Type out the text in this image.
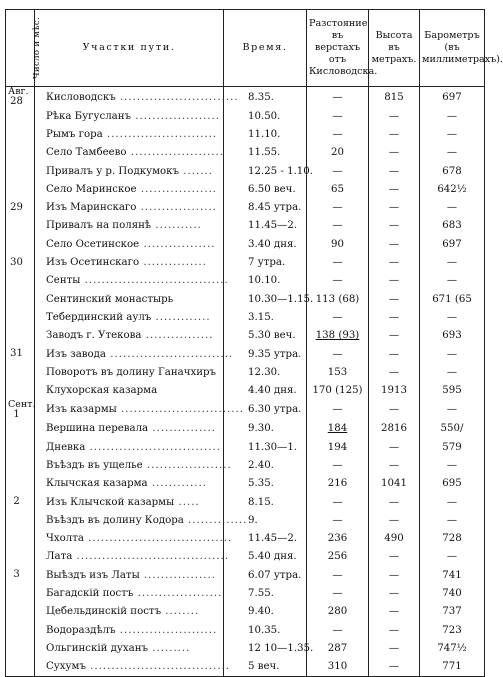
Число и мѣс.	Участки пути.	Время.	Разстояние въ верстахъ отъ Кисловодска.	Высота въ метрахъ.	Барометръ (въ миллиметрахъ).

Авг.
28	Кисловодскъ ............................	8.35.	—	815	697

	Рѣка Бугусланъ ....................	10.50.	—	—	—

	Рымъ гора ..........................	11.10.	—	—	—

	Село Тамбеево ......................	11.55.	20	—	—

	Привалъ у р. Подкумокъ .......	12.25 - 1.10.	—	—	678

	Село Маринское ..................	6.50 веч.	65	—	642½

29	Изъ Маринскаго ..................	8.45 утра.	—	—	—

	Привалъ на полянѣ ...........	11.45—2.	—	—	683

	Село Осетинское .................	3.40 дня.	90	—	697

30	Изъ Осетинскаго ...............	7 утра.	—	—	—

	Сенты ..................................	10.10.	—	—	—

	Сентинский монастырь	10.30—1.15.	113 (68)	—	671 (65

	Тебердинский аулъ .............	3.15.	—	—	—

	Заводъ г. Утекова ................	5.30 веч.	138 (93)	—	693

31	Изъ завода .............................	9.35 утра.	—	—	—

	Поворотъ въ долину Ганачхиръ	12.30.	153	—	—

	Клухорская казарма	4.40 дня.	170 (125)	1913	595

Сент.
1	Изъ казармы .............................	6.30 утра.	—	—	—

	Вершина перевала ...............	9.30.	184	2816	550/

	Дневка ...............................	11.30—1.	194	—	579

	Въѣздъ въ ущелье ....................	2.40.	—	—	—

	Клычская казарма .............	5.35.	216	1041	695

2	Изъ Клычской казармы .....	8.15.	—	—	—

	Въѣздъ въ долину Кодора ..............	9.	—	—	—

	Чхолта ..................................	11.45—2.	236	490	728

	Лата ....................................	5.40 дня.	256	—	—

3	Выѣздъ изъ Латы .................	6.07 утра.	—	—	741

	Багадскій постъ ....................	7.55.	—	—	740

	Цебельдинскій постъ ........	9.40.	280	—	737

	Водораздѣлъ .......................	10.35.	—	—	723

	Ольгинскій духанъ .........	12 10—1.35.	287	—	747½

	Сухумъ .................................	5 веч.	310	—	771
